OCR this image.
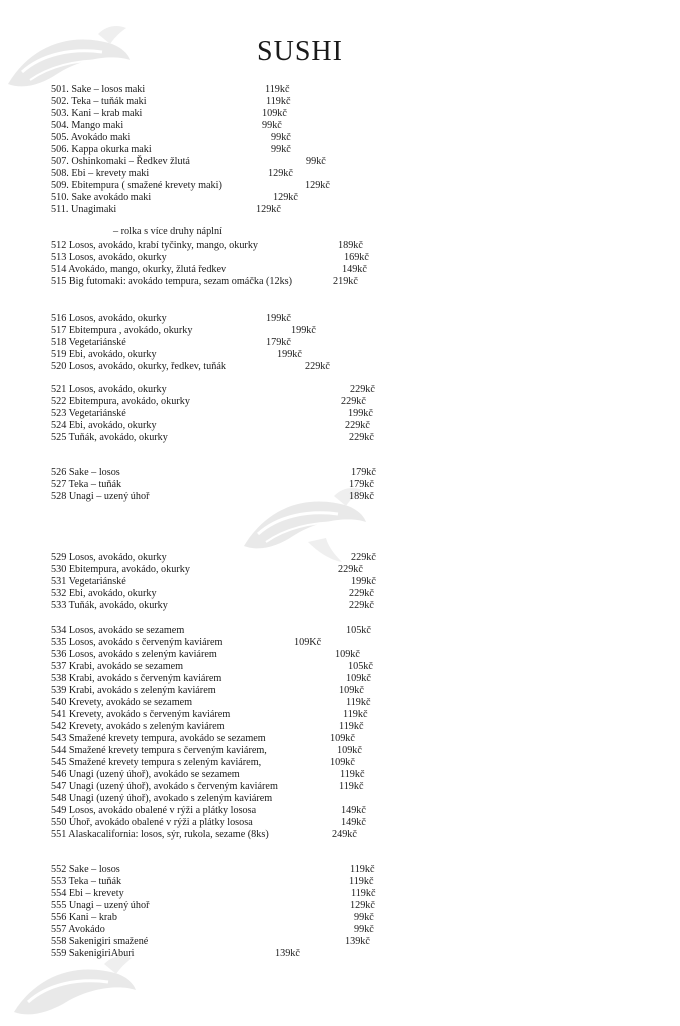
SUSHI
– rolka s více druhy náplní
501. Sake – losos maki	119kč
502. Teka – tuňák maki	119kč
503. Kani – krab maki	109kč
504. Mango maki	99kč
505. Avokádo maki	99kč
506. Kappa okurka maki	99kč
507. Oshinkomaki – Ředkev žlutá	99kč
508. Ebi – krevety maki	129kč
509. Ebitempura ( smažené krevety maki)	129kč
510. Sake avokádo maki	129kč
511. Unagimaki	129kč
512 Losos, avokádo, krabí tyčinky, mango, okurky	189kč
513 Losos, avokádo, okurky	169kč
514 Avokádo, mango, okurky, žlutá ředkev	149kč
515 Big futomaki: avokádo tempura, sezam omáčka (12ks)	219kč
516 Losos, avokádo, okurky	199kč
517 Ebitempura , avokádo, okurky	199kč
518 Vegetariánské	179kč
519 Ebi, avokádo, okurky	199kč
520 Losos, avokádo, okurky, ředkev, tuňák	229kč
521 Losos, avokádo, okurky	229kč
522 Ebitempura, avokádo, okurky	229kč
523 Vegetariánské	199kč
524 Ebi, avokádo, okurky	229kč
525 Tuňák, avokádo, okurky	229kč
526 Sake – losos	179kč
527 Teka – tuňák	179kč
528 Unagi – uzený úhoř	189kč
529 Losos, avokádo, okurky	229kč
530 Ebitempura, avokádo, okurky	229kč
531 Vegetariánské	199kč
532 Ebi, avokádo, okurky	229kč
533 Tuňák, avokádo, okurky	229kč
534 Losos, avokádo se sezamem	105kč
535 Losos, avokádo s červeným kaviárem	109Kč
536 Losos, avokádo s zeleným kaviárem	109kč
537 Krabi, avokádo se sezamem	105kč
538 Krabi, avokádo s červeným kaviárem	109kč
539 Krabi, avokádo s zeleným kaviárem	109kč
540 Krevety, avokádo se sezamem	119kč
541 Krevety, avokádo s červeným kaviárem	119kč
542 Krevety, avokádo s zeleným kaviárem	119kč
543 Smažené krevety tempura, avokádo se sezamem	109kč
544 Smažené krevety tempura s červeným kaviárem,	109kč
545 Smažené krevety tempura s zeleným kaviárem,	109kč
546 Unagi (uzený úhoř), avokádo se sezamem	119kč
547 Unagi (uzený úhoř), avokádo s červeným kaviárem	119kč
548 Unagi (uzený úhoř), avokado s zeleným kaviárem
549 Losos, avokádo obalené v rýži a plátky lososa	149kč
550 Úhoř, avokádo obalené v rýži a plátky lososa	149kč
551 Alaskacalifornia: losos, sýr, rukola, sezame (8ks)	249kč
552 Sake – losos	119kč
553 Teka – tuňák	119kč
554 Ebi – krevety	119kč
555 Unagi – uzený úhoř	129kč
556 Kani – krab	99kč
557 Avokádo	99kč
558 Sakenigiri smažené	139kč
559 SakenigiriAburi	139kč
